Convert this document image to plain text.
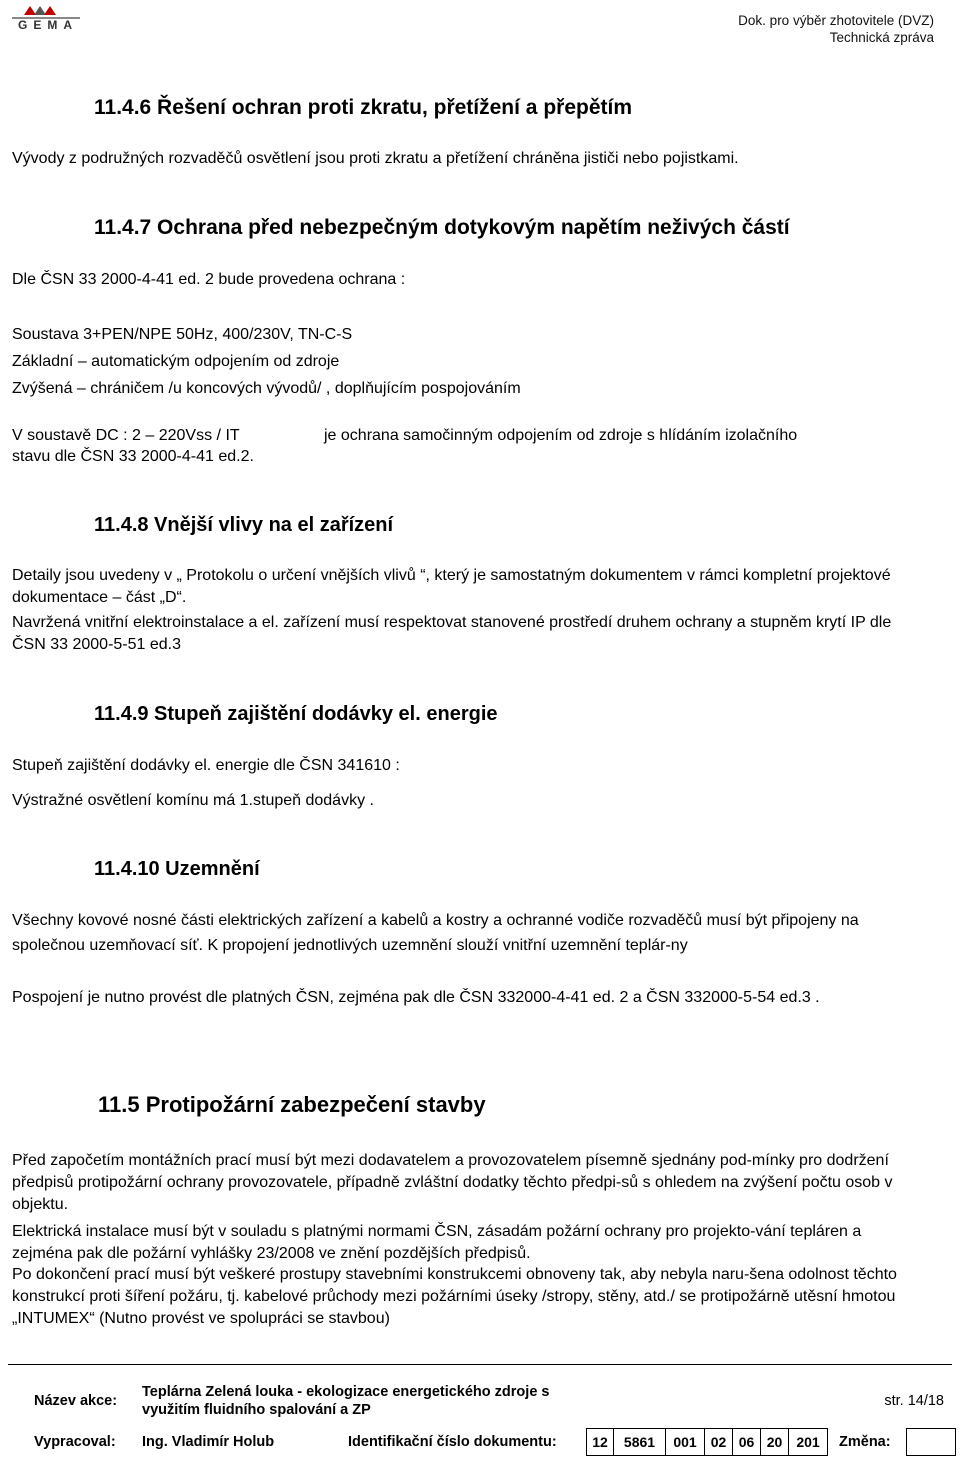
GEMA	Dok. pro výběr zhotovitele (DVZ)
Technická zpráva
11.4.6 Řešení ochran proti zkratu, přetížení a přepětím
Vývody z podružných rozvaděčů osvětlení jsou proti zkratu a přetížení chráněna jističi nebo pojistkami.
11.4.7 Ochrana před nebezpečným dotykovým napětím neživých částí
Dle ČSN 33 2000-4-41 ed. 2 bude provedena ochrana :
Soustava 3+PEN/NPE 50Hz, 400/230V, TN-C-S
Základní – automatickým odpojením od zdroje
Zvýšená – chráničem /u koncových vývodů/ , doplňujícím pospojováním
V soustavě DC : 2 – 220Vss / IT	je ochrana samočinným odpojením od zdroje s hlídáním izolačního
stavu dle ČSN 33 2000-4-41 ed.2.
11.4.8 Vnější vlivy na el zařízení
Detaily jsou uvedeny v „ Protokolu o určení vnějších vlivů “, který je samostatným dokumentem v rámci kompletní projektové dokumentace – část „D“.
Navržená vnitřní elektroinstalace a el. zařízení musí respektovat stanovené prostředí druhem ochrany a stupněm krytí IP dle ČSN 33 2000-5-51 ed.3
11.4.9 Stupeň zajištění dodávky el. energie
Stupeň zajištění dodávky el. energie dle ČSN 341610 :
Výstražné osvětlení komínu má 1.stupeň dodávky .
11.4.10 Uzemnění
Všechny kovové nosné části elektrických zařízení a kabelů a kostry a ochranné vodiče rozvaděčů musí být připojeny na společnou uzemňovací síť. K propojení jednotlivých uzemnění slouží vnitřní uzemnění teplár-ny
Pospojení je nutno provést dle platných ČSN, zejména pak dle ČSN 332000-4-41 ed. 2 a ČSN 332000-5-54 ed.3 .
11.5 Protipožární zabezpečení stavby
Před započetím montážních prací musí být mezi dodavatelem a provozovatelem písemně sjednány pod-mínky pro dodržení předpisů protipožární ochrany provozovatele, případně zvláštní dodatky těchto předpi-sů s ohledem na zvýšení počtu osob v objektu.
Elektrická instalace musí být v souladu s platnými normami ČSN, zásadám požární ochrany pro projekto-vání tepláren a zejména pak dle požární vyhlášky 23/2008 ve znění pozdějších předpisů.
Po dokončení prací musí být veškeré prostupy stavebními konstrukcemi obnoveny tak, aby nebyla naru-šena odolnost těchto konstrukcí proti šíření požáru, tj. kabelové průchody mezi požárními úseky /stropy, stěny, atd./ se protipožárně utěsní hmotou „INTUMEX“ (Nutno provést ve spolupráci se stavbou)
Název akce:
Teplárna Zelená louka - ekologizace energetického zdroje s
využitím fluidního spalování a ZP
str. 14/18
Vypracoval: Ing. Vladimír Holub	Identifikační číslo dokumentu:	12	5861	001	02 06 20	201	Změna:
